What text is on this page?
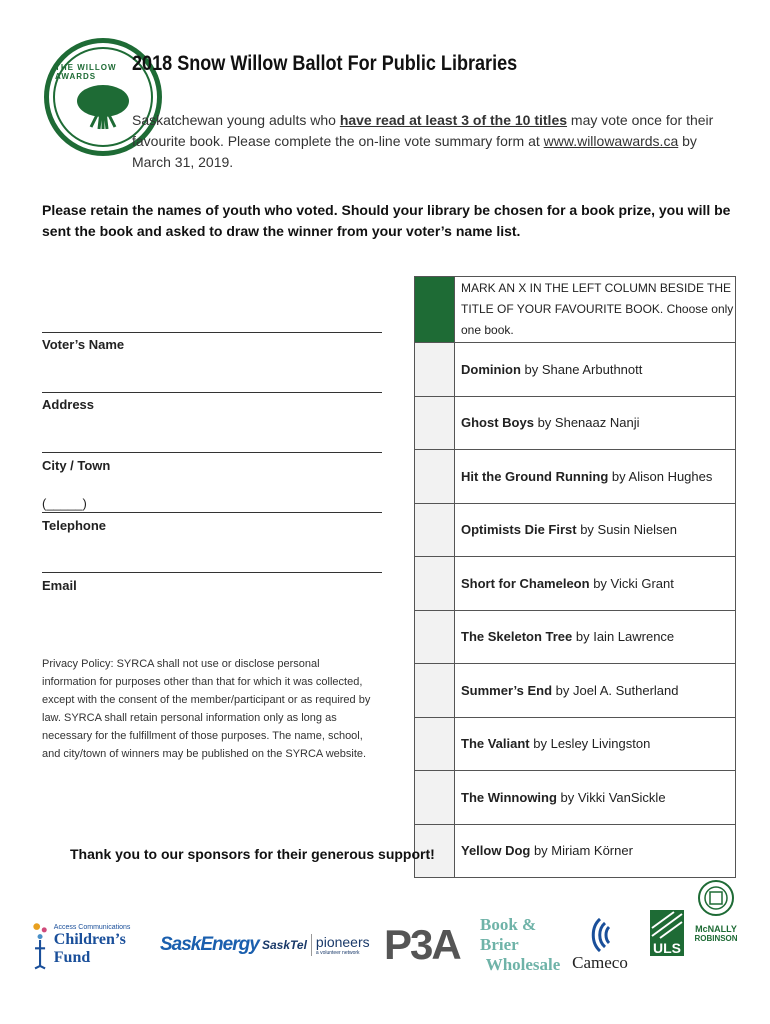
THE WILLOW AWARDS
2018 Snow Willow Ballot For Public Libraries
Saskatchewan young adults who have read at least 3 of the 10 titles may vote once for their favourite book. Please complete the on-line vote summary form at www.willowawards.ca by March 31, 2019.
Please retain the names of youth who voted. Should your library be chosen for a book prize, you will be sent the book and asked to draw the winner from your voter’s name list.
Voter’s Name
Address
City / Town
(_____)
Telephone
Email
Privacy Policy: SYRCA shall not use or disclose personal information for purposes other than that for which it was collected, except with the consent of the member/participant or as required by law. SYRCA shall retain personal information only as long as necessary for the fulfillment of those purposes. The name, school, and city/town of winners may be published on the SYRCA website.
	MARK AN X IN THE LEFT COLUMN BESIDE THE TITLE OF YOUR FAVOURITE BOOK. Choose only one book.
	Dominion by Shane Arbuthnott
	Ghost Boys by Shenaaz Nanji
	Hit the Ground Running by Alison Hughes
	Optimists Die First by Susin Nielsen
	Short for Chameleon by Vicki Grant
	The Skeleton Tree by Iain Lawrence
	Summer’s End by Joel A. Sutherland
	The Valiant by Lesley Livingston
	The Winnowing by Vikki VanSickle
	Yellow Dog by Miriam Körner
Thank you to our sponsors for their generous support!
Access Communications
Children’s Fund
SaskEnergy SaskTel pioneers
a volunteer network P3A Book & Brier
Wholesale Cameco
ULS
McNALLY
ROBINSON
